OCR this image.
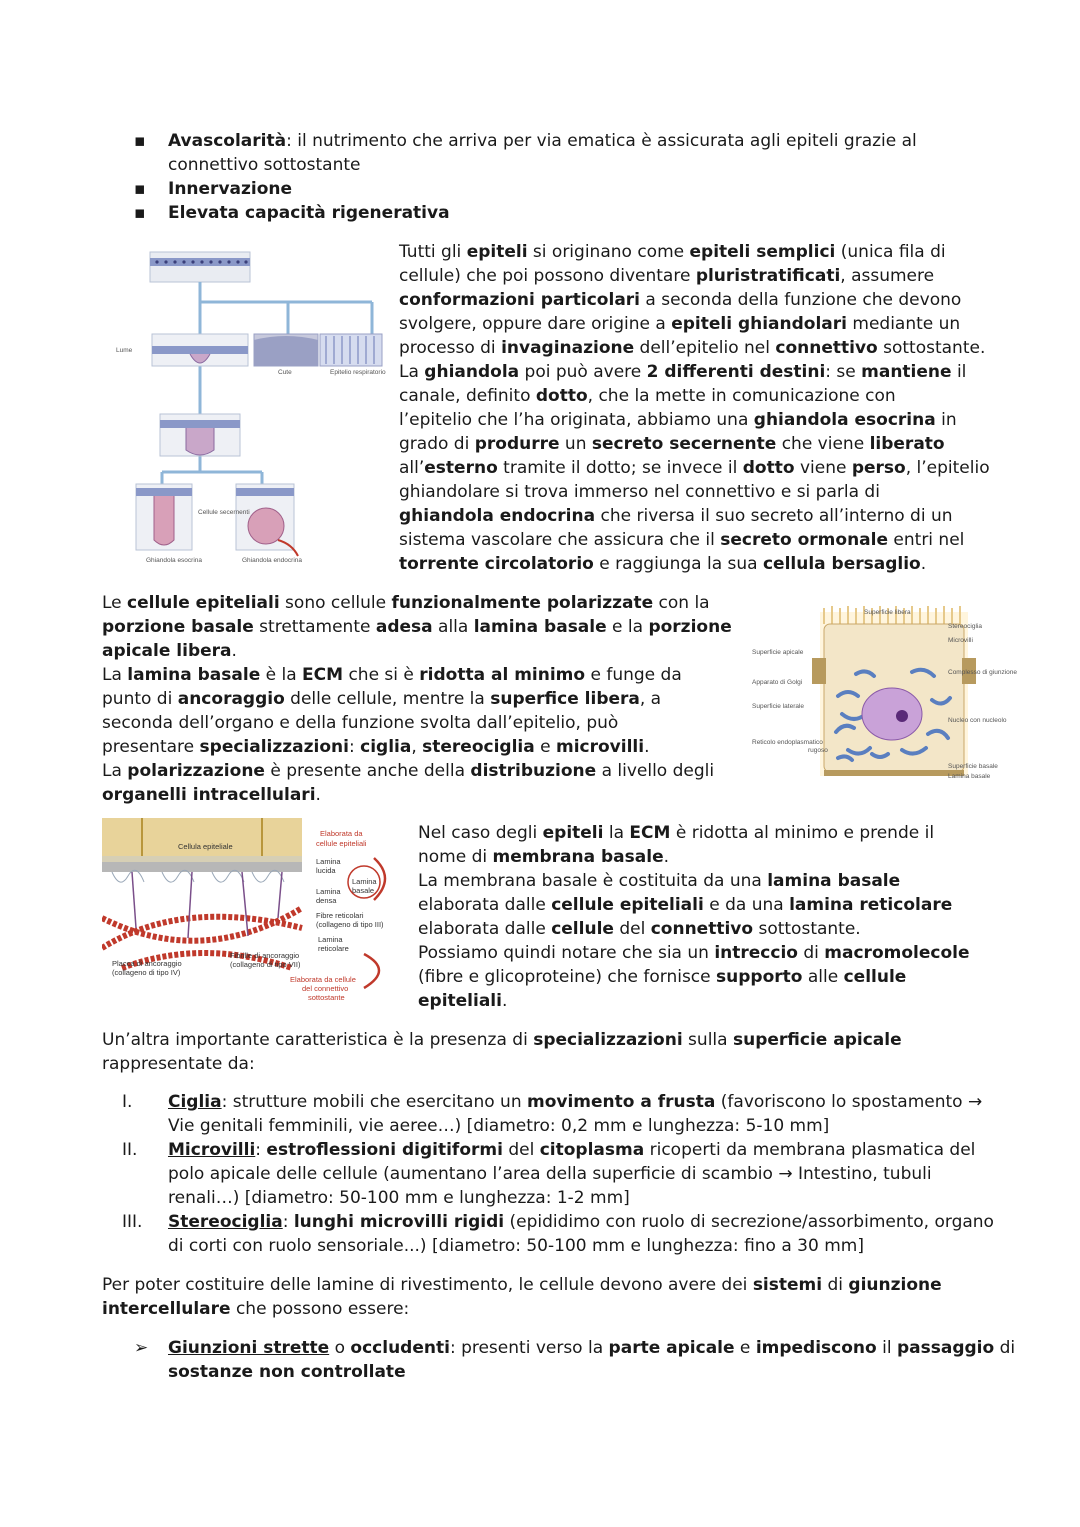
▪ Avascolarità: il nutrimento che arriva per via ematica è assicurata agli epiteli grazie al
connettivo sottostante
▪ Innervazione
▪ Elevata capacità rigenerativa
Cute	Epitelio respiratorio
Lume
Ghiandola esocrina	Ghiandola endocrina
Cellule secernenti
Tutti gli epiteli si originano come epiteli semplici (unica fila di
cellule) che poi possono diventare pluristratificati, assumere
conformazioni particolari a seconda della funzione che devono
svolgere, oppure dare origine a epiteli ghiandolari mediante un
processo di invaginazione dell’epitelio nel connettivo sottostante.
La ghiandola poi può avere 2 differenti destini: se mantiene il
canale, definito dotto, che la mette in comunicazione con
l’epitelio che l’ha originata, abbiamo una ghiandola esocrina in
grado di produrre un secreto secernente che viene liberato
all’esterno tramite il dotto; se invece il dotto viene perso, l’epitelio
ghiandolare si trova immerso nel connettivo e si parla di
ghiandola endocrina che riversa il suo secreto all’interno di un
sistema vascolare che assicura che il secreto ormonale entri nel
torrente circolatorio e raggiunga la sua cellula bersaglio.
Le cellule epiteliali sono cellule funzionalmente polarizzate con la
porzione basale strettamente adesa alla lamina basale e la porzione
apicale libera.
La lamina basale è la ECM che si è ridotta al minimo e funge da
punto di ancoraggio delle cellule, mentre la superfice libera, a
seconda dell’organo e della funzione svolta dall’epitelio, può
presentare specializzazioni: ciglia, stereociglia e microvilli.
La polarizzazione è presente anche della distribuzione a livello degli
organelli intracellulari.
Superficie libera
Stereociglia
Microvilli
Superficie apicale
Apparato di Golgi
Complesso di giunzione
Superficie laterale
Nucleo con nucleolo
Reticolo endoplasmatico
rugoso
Superficie basale
Lamina basale
Cellula epiteliale
Elaborata da
cellule epiteliali
Lamina
lucida
Lamina
densa
Lamina
basale
Fibre reticolari
(collageno di tipo III)
Lamina
reticolare
Placca di ancoraggio
(collageno di tipo IV)
Fibrille di ancoraggio
(collageno di tipo VII)
Elaborata da cellule
del connettivo
sottostante
Nel caso degli epiteli la ECM è ridotta al minimo e prende il
nome di membrana basale.
La membrana basale è costituita da una lamina basale
elaborata dalle cellule epiteliali e da una lamina reticolare
elaborata dalle cellule del connettivo sottostante.
Possiamo quindi notare che sia un intreccio di macromolecole
(fibre e glicoproteine) che fornisce supporto alle cellule
epiteliali.
Un’altra importante caratteristica è la presenza di specializzazioni sulla superficie apicale
rappresentate da:
I. Ciglia: strutture mobili che esercitano un movimento a frusta (favoriscono lo spostamento →
Vie genitali femminili, vie aeree…) [diametro: 0,2 mm e lunghezza: 5-10 mm]
II. Microvilli: estroflessioni digitiformi del citoplasma ricoperti da membrana plasmatica del
polo apicale delle cellule (aumentano l’area della superficie di scambio → Intestino, tubuli
renali…) [diametro: 50-100 mm e lunghezza: 1-2 mm]
III. Stereociglia: lunghi microvilli rigidi (epididimo con ruolo di secrezione/assorbimento, organo
di corti con ruolo sensoriale...) [diametro: 50-100 mm e lunghezza: fino a 30 mm]
Per poter costituire delle lamine di rivestimento, le cellule devono avere dei sistemi di giunzione
intercellulare che possono essere:
➢ Giunzioni strette o occludenti: presenti verso la parte apicale e impediscono il passaggio di
sostanze non controllate
